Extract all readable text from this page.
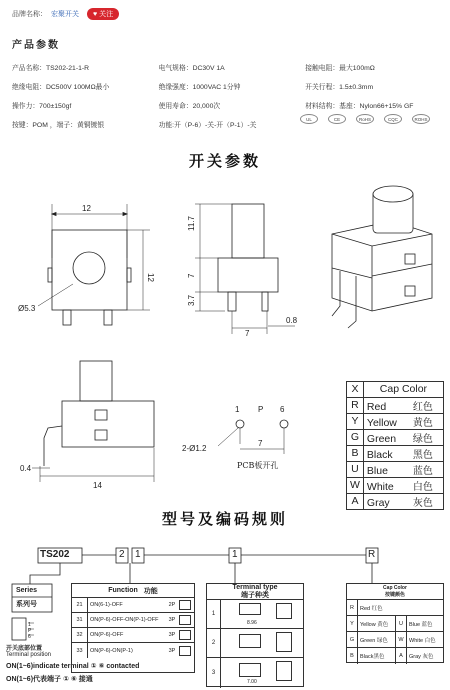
品牌名称： 宏聚开关 ♥ 关注
产品参数
产品名称：TS202-21-1-R	电气规格：DC30V 1A	接触电阻：最大100mΩ
绝缘电阻：DC500V 100MΩ最小	绝缘强度：1000VAC 1分钟	开关行程：1.5±0.3mm
操作力：700±150gf	使用寿命：20,000次	材料结构：基座：Nylon66+15% GF
按键：POM ，端子：黄铜镀银	功能:开（P-6）-关-开（P-1）-关
UL	CE	RoHS	CQC	ROHS
开关参数
12
12
Ø5.3
11.7
7
3.7
7
0.8
0.4
14
1 P 6
2-Ø1.2
7
PCB板开孔
X	Cap Color
R	Red 红色
Y	Yellow 黄色
G	Green 绿色
B	Black 黑色
U	Blue 蓝色
W	White 白色
A	Gray 灰色
型号及编码规则
TS202	2 1	1	R
Series
系列号
1
P
6
开关底部位置
Terminal position
ON(1~6)indicate terminal ① ⑥ contacted
ON(1~6)代表端子 ① ⑥ 接通
Function 功能
21	ON(6-1)-OFF	2P
31	ON(P-6)-OFF-ON(P-1)-OFF	3P
32	ON(P-6)-OFF	3P
33	ON(P-6)-ON(P-1)	3P
Terminal type
端子种类
1
8.96
2
3
7.00
Cap Color
按键颜色
R	Red 红色
Y	Yellow 黄色	U	Blue 蓝色
G	Green 绿色	W White 白色
B	Black黑色	A	Gray 灰色
